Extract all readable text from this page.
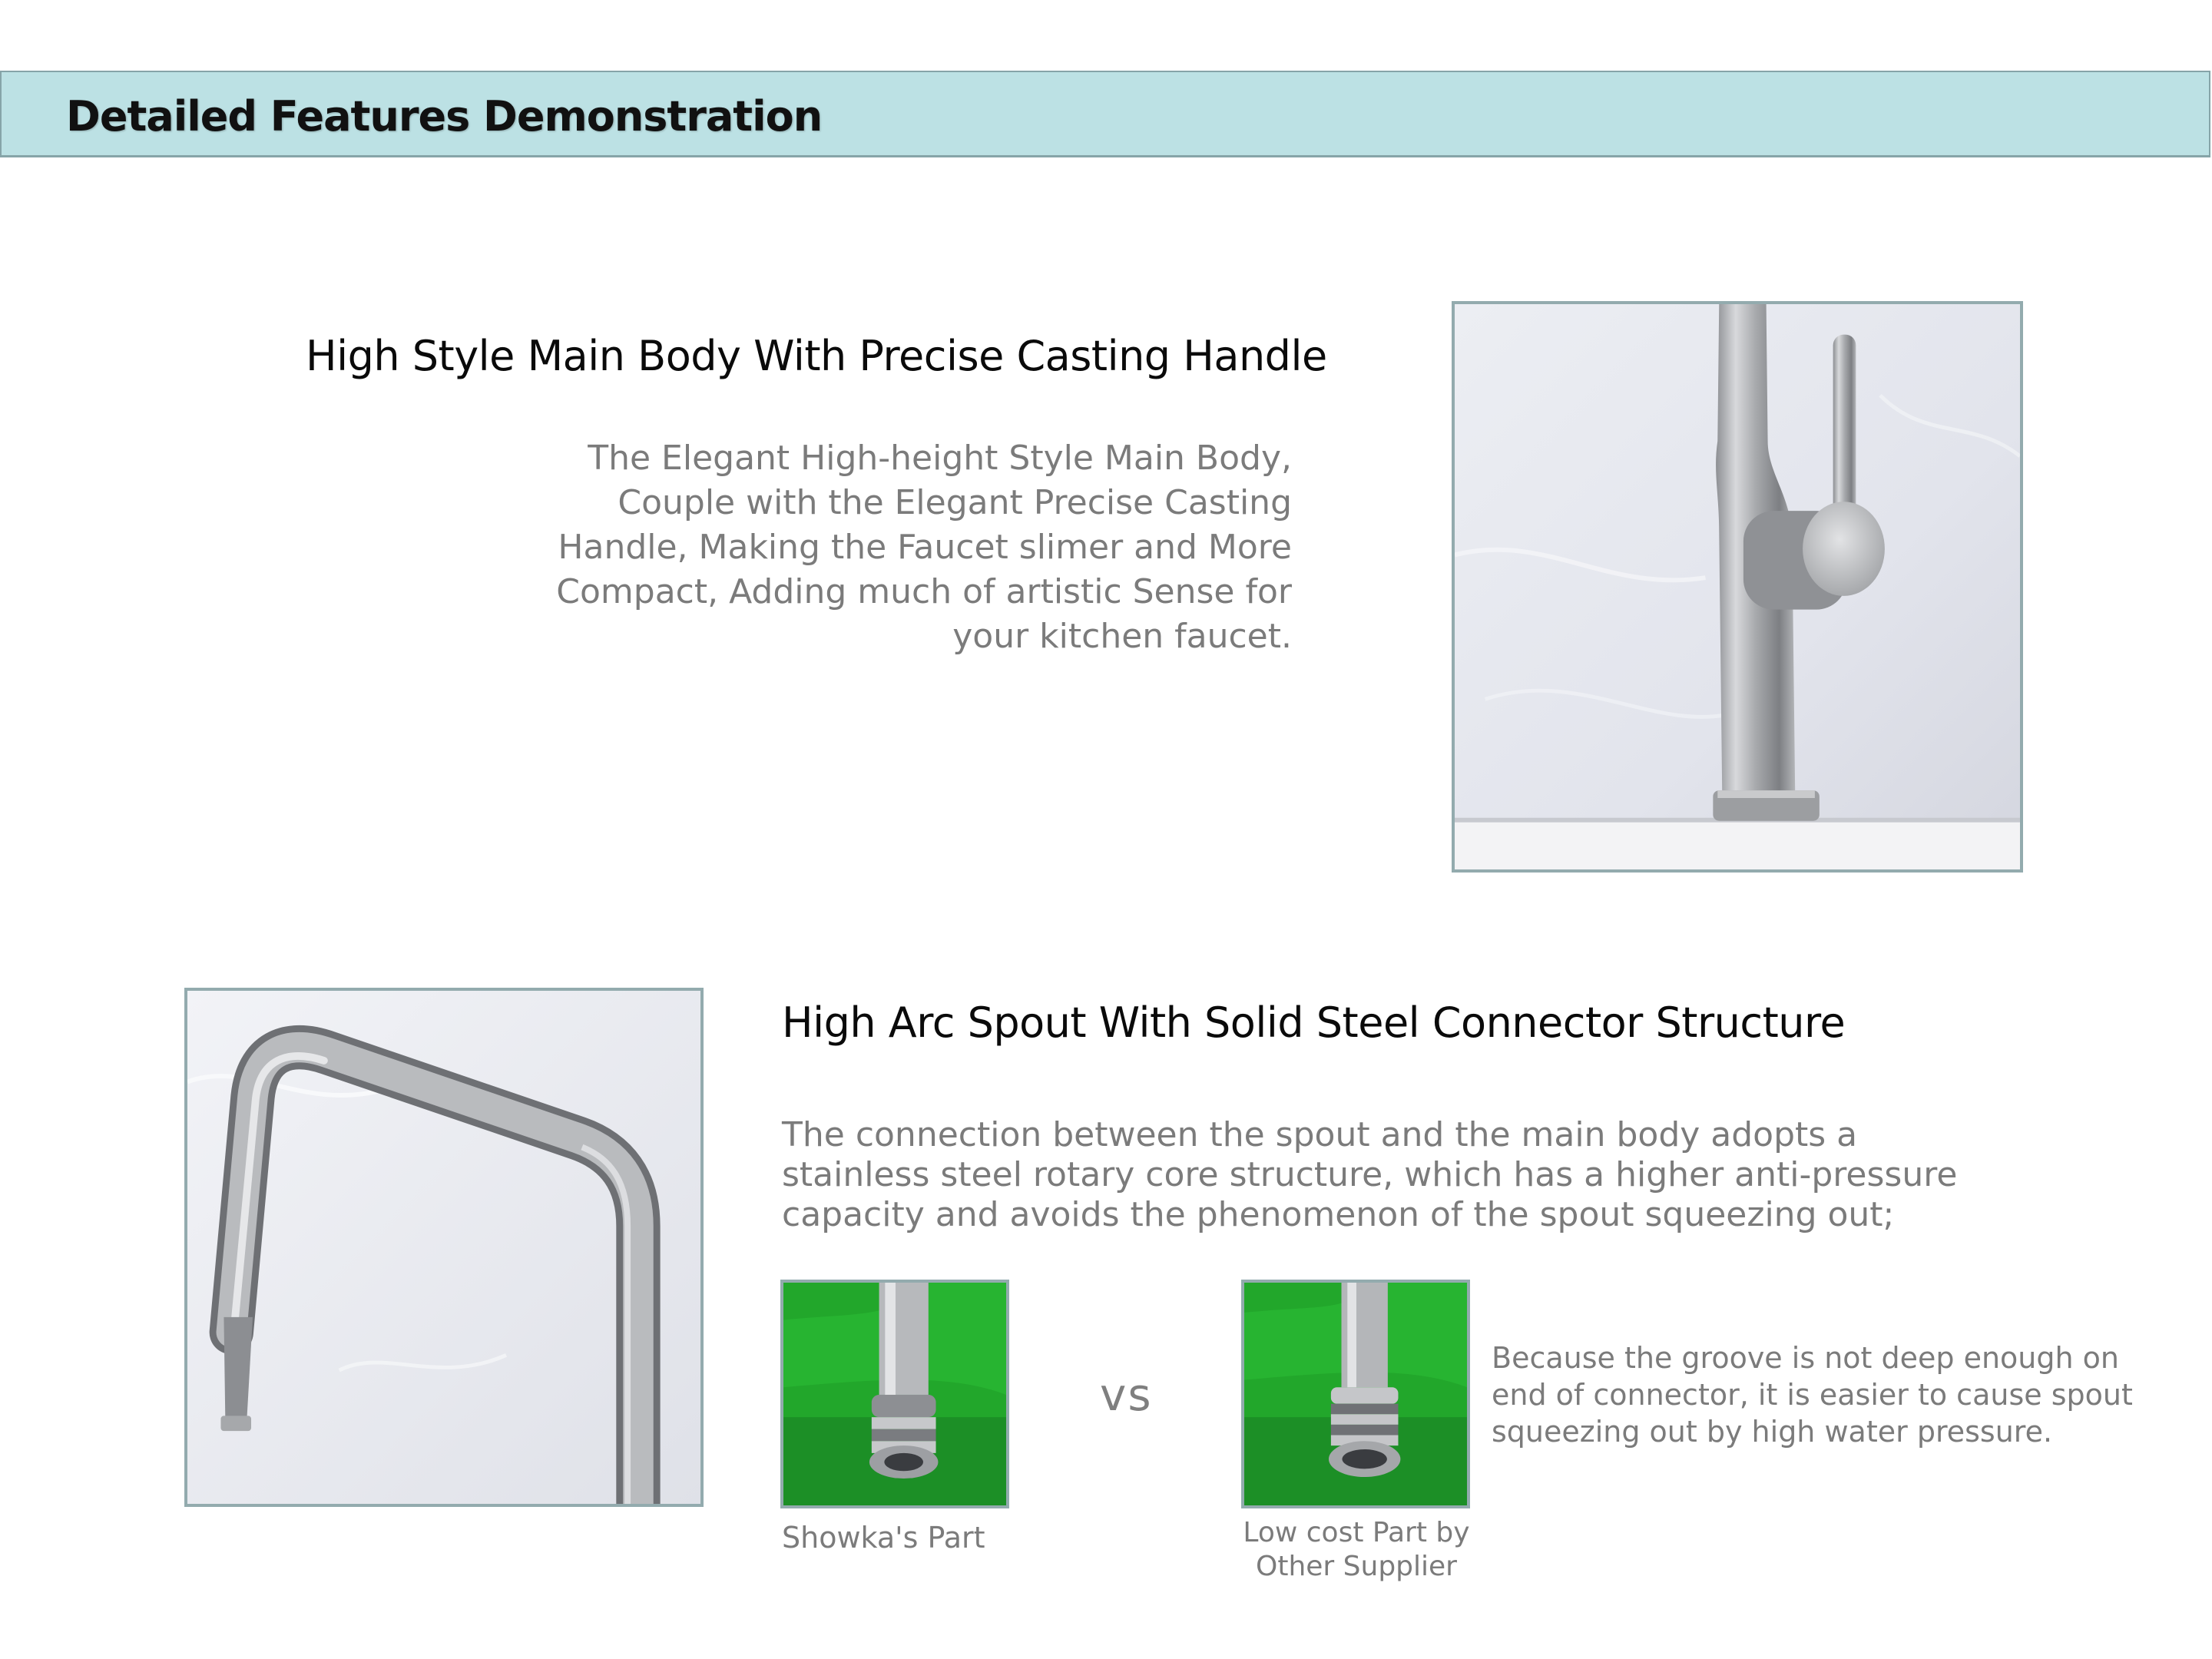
Detailed Features Demonstration
High Style Main Body With Precise Casting Handle
The Elegant High-height Style Main Body,
Couple with the Elegant Precise Casting
Handle, Making the Faucet slimer and More
Compact, Adding much of artistic Sense for
your kitchen faucet.
High Arc Spout With Solid Steel Connector Structure
The connection between the spout and the main body adopts a
stainless steel rotary core structure, which has a higher anti-pressure
capacity and avoids the phenomenon of the spout squeezing out;

vs

Showka's Part	Low cost Part by
Other Supplier
Because the groove is not deep enough on
end of connector, it is easier to cause spout
squeezing out by high water pressure.
